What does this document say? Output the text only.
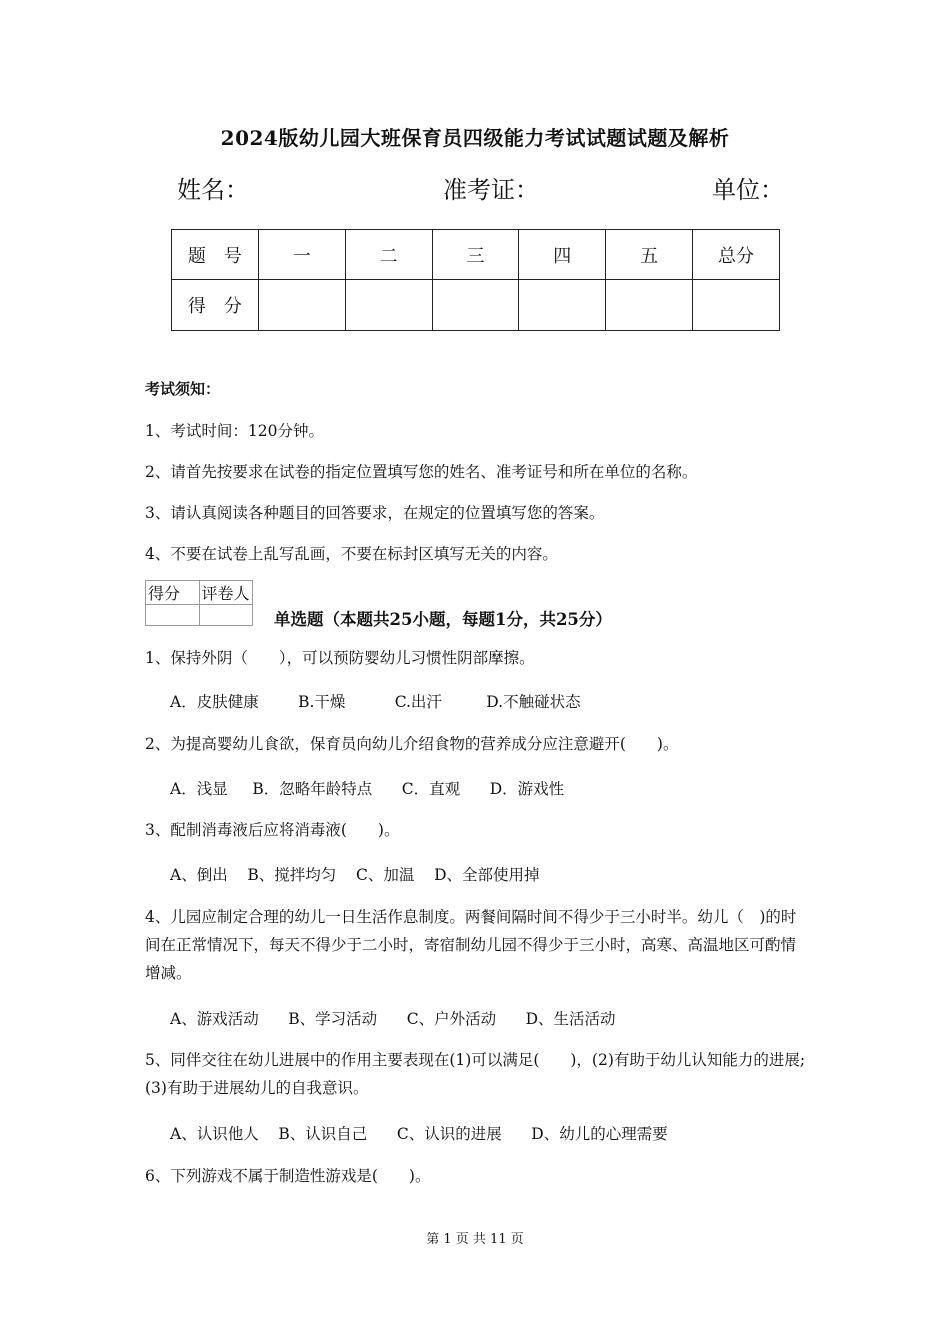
2024版幼儿园大班保育员四级能力考试试题试题及解析
姓名：	准考证：	单位：
题　号	一	二	三	四	五	总分
得　分						
考试须知：
1、考试时间：120分钟。
2、请首先按要求在试卷的指定位置填写您的姓名、准考证号和所在单位的名称。
3、请认真阅读各种题目的回答要求，在规定的位置填写您的答案。
4、不要在试卷上乱写乱画，不要在标封区填写无关的内容。
得分	评卷人

单选题（本题共25小题，每题1分，共25分）
1、保持外阴（　　），可以预防婴幼儿习惯性阴部摩擦。
A．皮肤健康        B.干燥          C.出汗         D.不触碰状态
2、为提高婴幼儿食欲，保育员向幼儿介绍食物的营养成分应注意避开(　　)。
A．浅显     B．忽略年龄特点      C．直观      D．游戏性
3、配制消毒液后应将消毒液(　　)。
A、倒出    B、搅拌均匀    C、加温    D、全部使用掉
4、儿园应制定合理的幼儿一日生活作息制度。两餐间隔时间不得少于三小时半。幼儿（　)的时间在正常情况下，每天不得少于二小时，寄宿制幼儿园不得少于三小时，高寒、高温地区可酌情增减。
A、游戏活动      B、学习活动      C、户外活动      D、生活活动
5、同伴交往在幼儿进展中的作用主要表现在(1)可以满足(　　)，(2)有助于幼儿认知能力的进展;(3)有助于进展幼儿的自我意识。
A、认识他人    B、认识自己      C、认识的进展      D、幼儿的心理需要
6、下列游戏不属于制造性游戏是(　　)。
第 1 页 共 11 页
